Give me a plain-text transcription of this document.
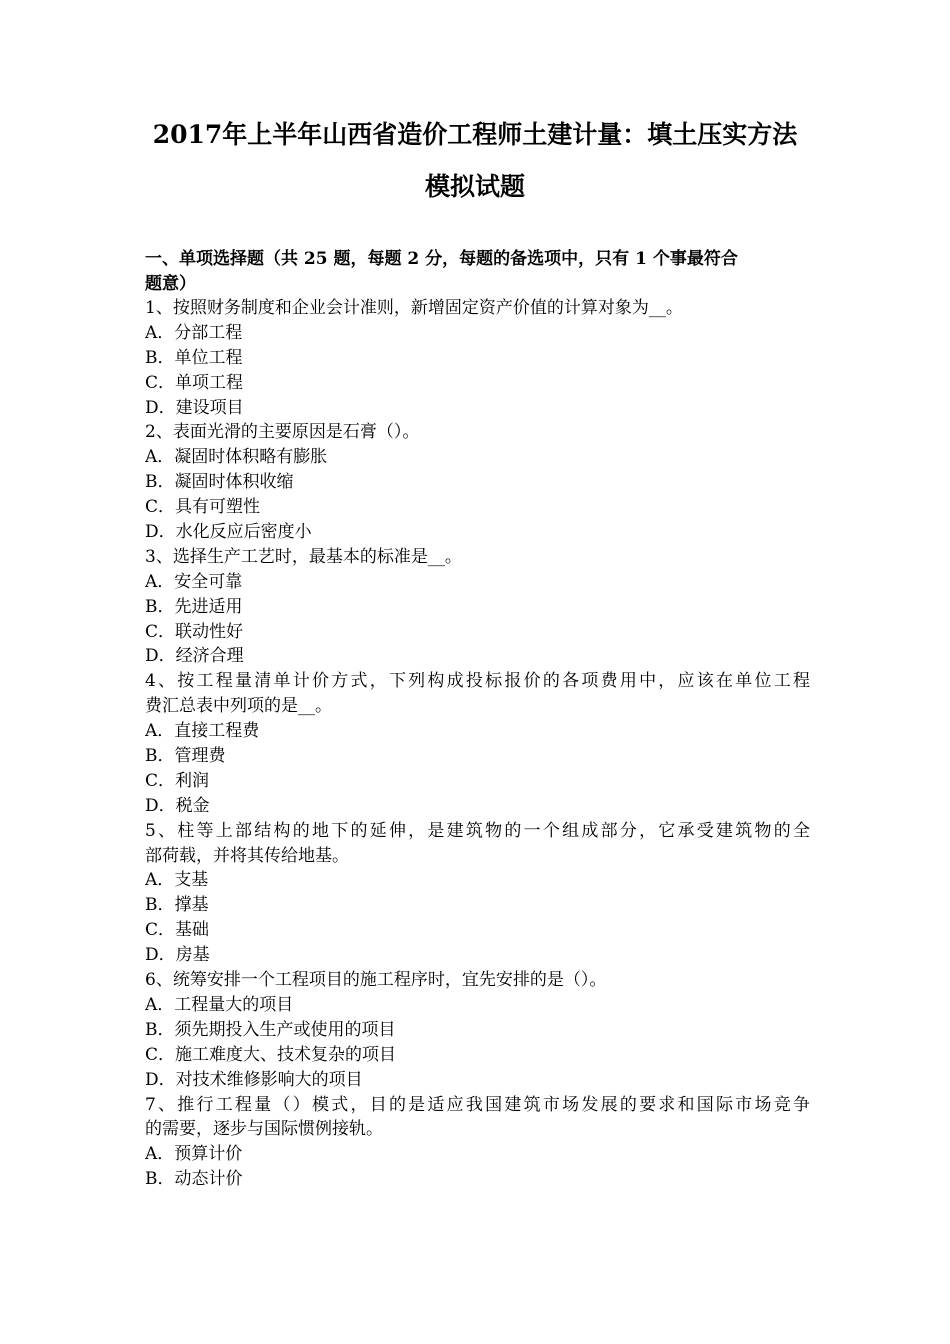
2017年上半年山西省造价工程师土建计量：填土压实方法
模拟试题
一、单项选择题（共 25 题，每题 2 分，每题的备选项中，只有 1 个事最符合
题意）
1、按照财务制度和企业会计准则，新增固定资产价值的计算对象为__。
A．分部工程
B．单位工程
C．单项工程
D．建设项目
2、表面光滑的主要原因是石膏（）。
A．凝固时体积略有膨胀
B．凝固时体积收缩
C．具有可塑性
D．水化反应后密度小
3、选择生产工艺时，最基本的标准是__。
A．安全可靠
B．先进适用
C．联动性好
D．经济合理
4、按工程量清单计价方式，下列构成投标报价的各项费用中，应该在单位工程
费汇总表中列项的是__。
A．直接工程费
B．管理费
C．利润
D．税金
5、柱等上部结构的地下的延伸，是建筑物的一个组成部分，它承受建筑物的全
部荷载，并将其传给地基。
A．支基
B．撑基
C．基础
D．房基
6、统筹安排一个工程项目的施工程序时，宜先安排的是（）。
A．工程量大的项目
B．须先期投入生产或使用的项目
C．施工难度大、技术复杂的项目
D．对技术维修影响大的项目
7、推行工程量（）模式，目的是适应我国建筑市场发展的要求和国际市场竞争
的需要，逐步与国际惯例接轨。
A．预算计价
B．动态计价
